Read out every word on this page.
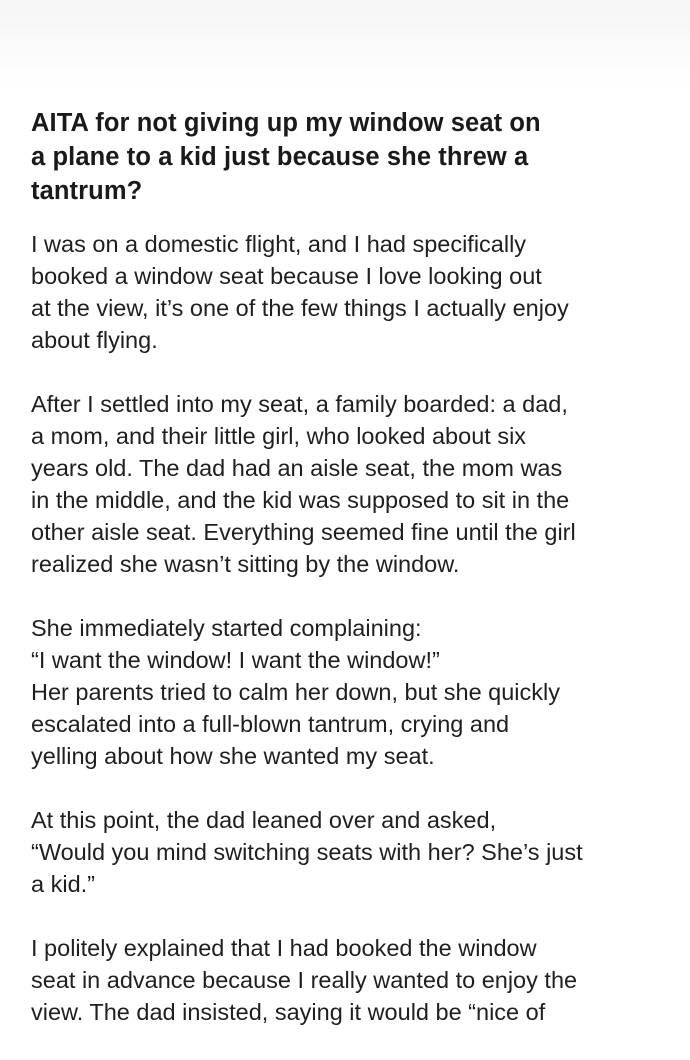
AITA for not giving up my window seat on
a plane to a kid just because she threw a
tantrum?

I was on a domestic flight, and I had specifically
booked a window seat because I love looking out
at the view, it’s one of the few things I actually enjoy
about flying.

After I settled into my seat, a family boarded: a dad,
a mom, and their little girl, who looked about six
years old. The dad had an aisle seat, the mom was
in the middle, and the kid was supposed to sit in the
other aisle seat. Everything seemed fine until the girl
realized she wasn’t sitting by the window.

She immediately started complaining:
“I want the window! I want the window!”
Her parents tried to calm her down, but she quickly
escalated into a full-blown tantrum, crying and
yelling about how she wanted my seat.

At this point, the dad leaned over and asked,
“Would you mind switching seats with her? She’s just
a kid.”

I politely explained that I had booked the window
seat in advance because I really wanted to enjoy the
view. The dad insisted, saying it would be “nice of
